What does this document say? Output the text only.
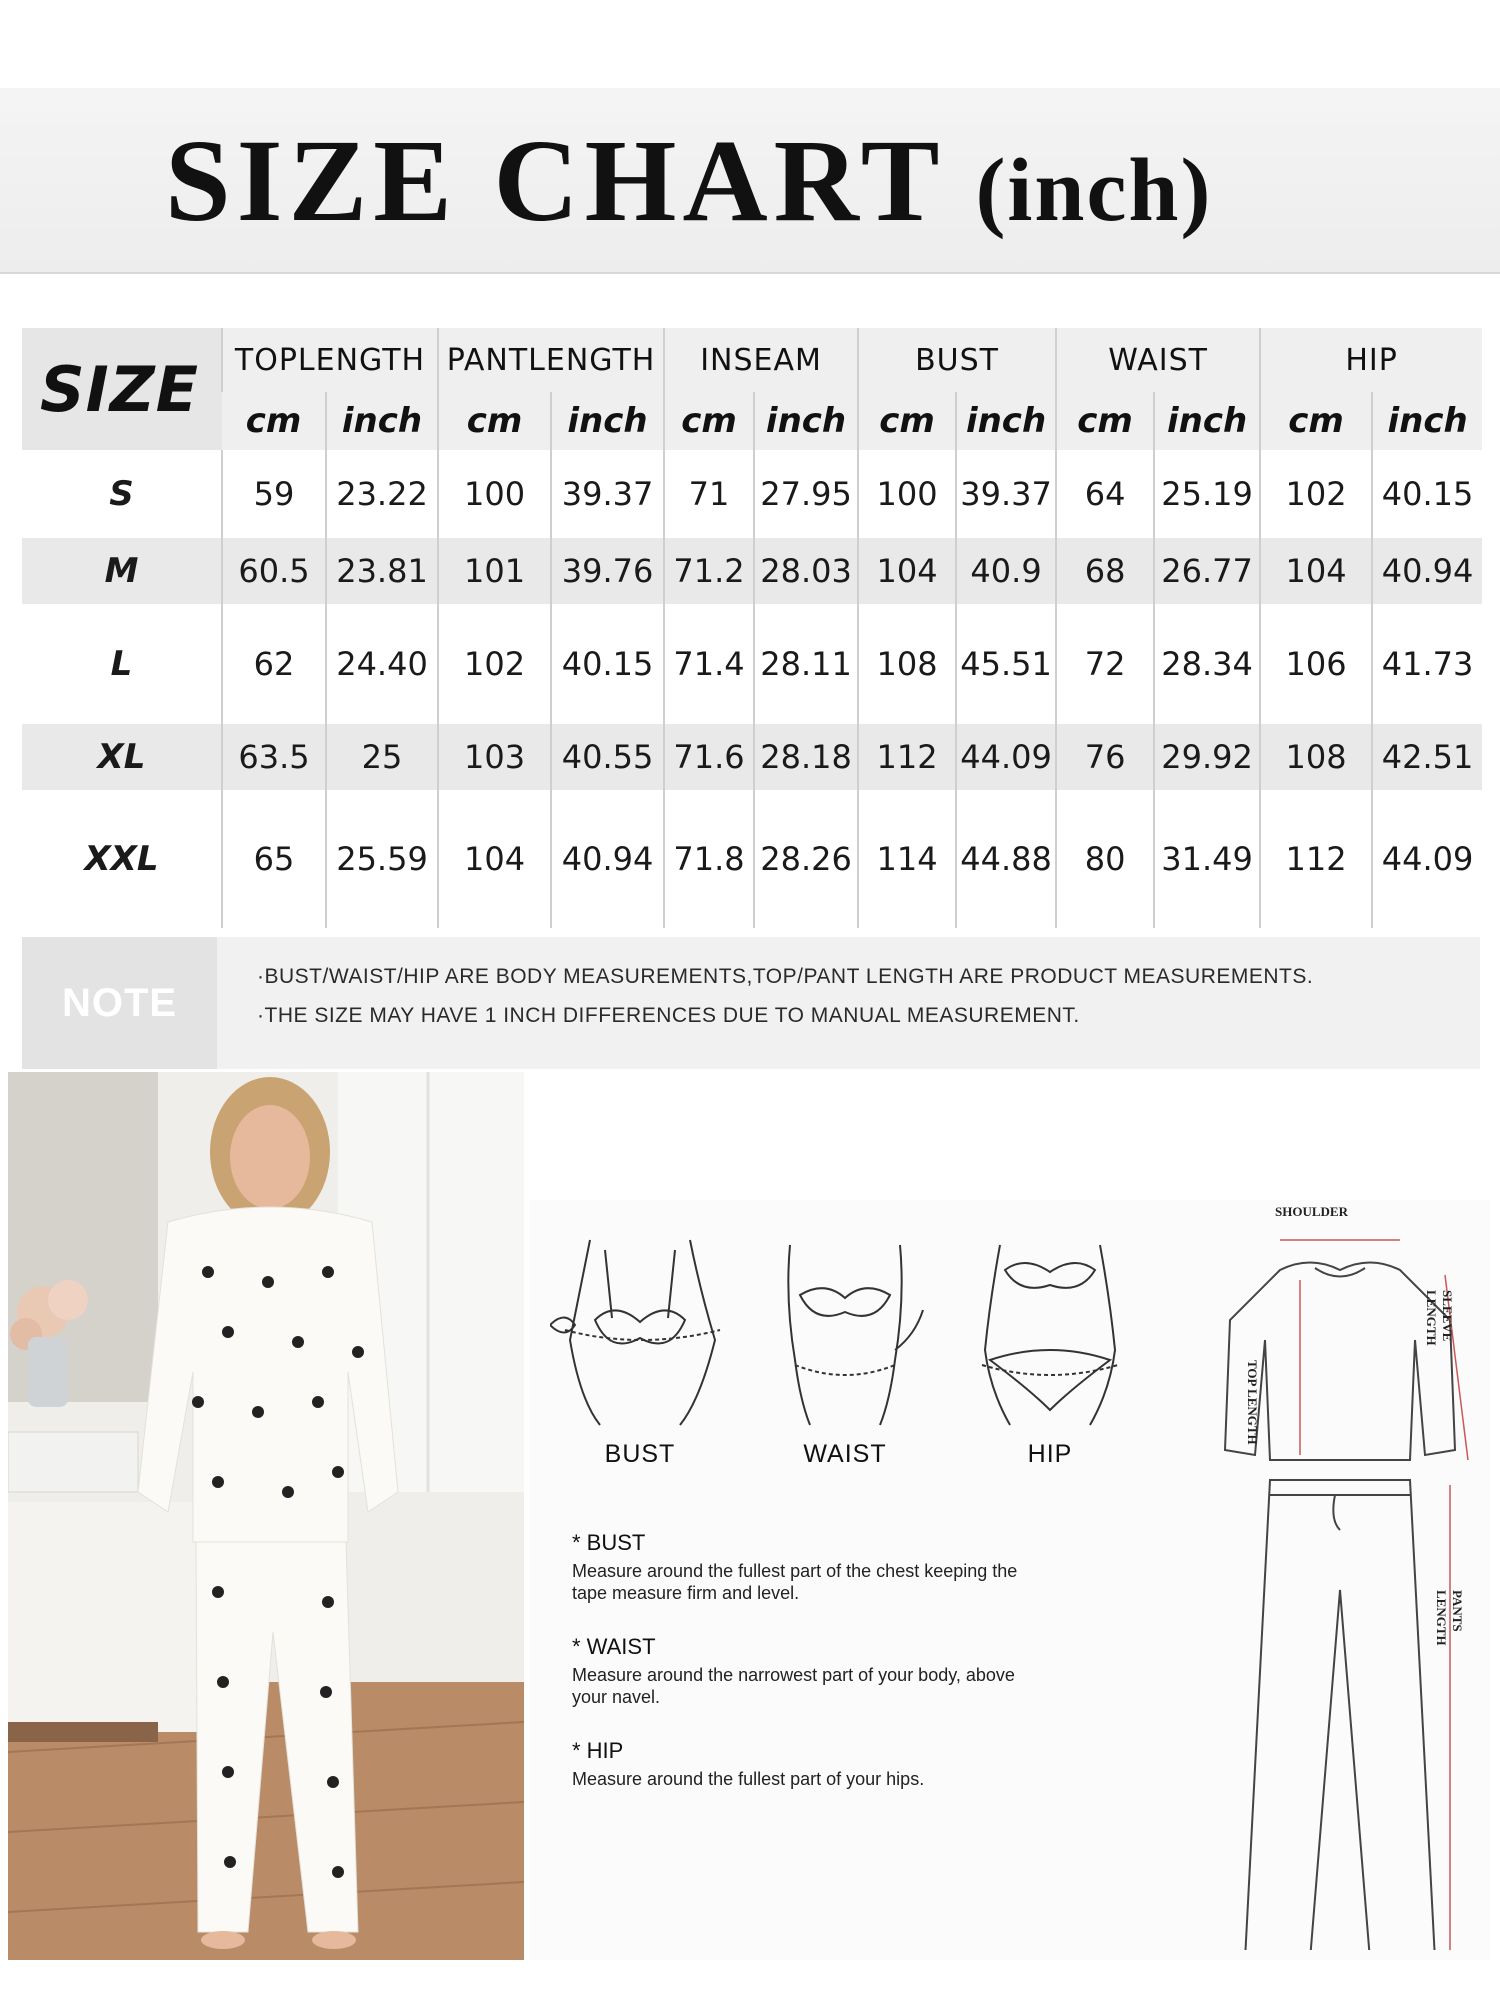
SIZE CHART (inch)
SIZE	TOPLENGTH		PANTLENGTH		INSEAM		BUST		WAIST		HIP	
	cm	inch	cm	inch	cm	inch	cm	inch	cm	inch	cm	inch
S	59	23.22	100	39.37	71	27.95	100	39.37	64	25.19	102	40.15
M	60.5	23.81	101	39.76	71.2	28.03	104	40.9	68	26.77	104	40.94
L	62	24.40	102	40.15	71.4	28.11	108	45.51	72	28.34	106	41.73
XL	63.5	25	103	40.55	71.6	28.18	112	44.09	76	29.92	108	42.51
XXL	65	25.59	104	40.94	71.8	28.26	114	44.88	80	31.49	112	44.09
NOTE

·BUST/WAIST/HIP ARE BODY MEASUREMENTS,TOP/PANT LENGTH ARE PRODUCT MEASUREMENTS.

·THE SIZE MAY HAVE 1 INCH DIFFERENCES DUE TO MANUAL MEASUREMENT.

BUST	WAIST	HIP
SHOULDER
TOP LENGTH
SLEEVE LENGTH
PANTS LENGTH

* BUST

Measure around the fullest part of the chest keeping the tape measure firm and level.

* WAIST

Measure around the narrowest part of your body, above your navel.

* HIP

Measure around the fullest part of your hips.
